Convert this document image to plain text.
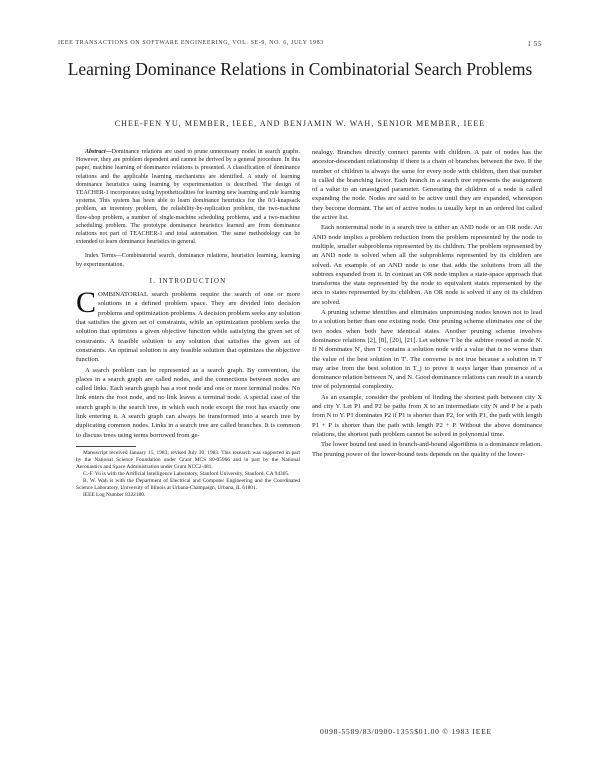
IEEE TRANSACTIONS ON SOFTWARE ENGINEERING, VOL. SE-9, NO. 6, JULY 1983	1 55
Learning Dominance Relations in Combinatorial Search Problems
CHEE-FEN YU, MEMBER, IEEE, AND BENJAMIN W. WAH, SENIOR MEMBER, IEEE

Abstract—Dominance relations are used to prune unnecessary nodes in search graphs. However, they are problem dependent and cannot be derived by a general procedure. In this paper, machine learning of dominance relations is presented. A classification of dominance relations and the applicable learning mechanisms are identified. A study of learning dominance heuristics using learning by experimentation is described. The design of TEACHER-1 incorporates using hypotheticalities for learning new learning and rule learning systems. This system has been able to learn dominance heuristics for the 0/1-knapsack problem, an inventory problem, the reliability-by-replication problem, the two-machine flow-shop problem, a number of single-machine scheduling problems, and a two-machine scheduling problem. The prototype dominance heuristics learned are from dominance relations not part of TEACHER-1 and total automation. The same methodology can be extended to learn dominance heuristics in general.

Index Terms—Combinatorial search, dominance relations, heuristics learning, learning by experimentation.

I. INTRODUCTION

COMBINATORIAL search problems require the search of one or more solutions in a defined problem space. They are divided into decision problems and optimization problems. A decision problem seeks any solution that satisfies the given set of constraints, while an optimization problem seeks the solution that optimizes a given objective function while satisfying the given set of constraints. A feasible solution is any solution that satisfies the given set of constraints. An optimal solution is any feasible solution that optimizes the objective function.

A search problem can be represented as a search graph. By convention, the places in a search graph are called nodes, and the connections between nodes are called links. Each search graph has a root node and one or more terminal nodes. No link enters the root node, and no link leaves a terminal node. A special case of the search graph is the search tree, in which each node except the root has exactly one link entering it. A search graph can always be transformed into a search tree by duplicating common nodes. Links in a search tree are called branches. It is common to discuss trees using terms borrowed from ge-

Manuscript received January 15, 1983; revised July 30, 1983. This research was supported in part by the National Science Foundation under Grant MCS 80-05966 and in part by the National Aeronautics and Space Administration under Grant NCC2-481.

C.-F. Yu is with the Artificial Intelligence Laboratory, Stanford University, Stanford, CA 94305.

B. W. Wah is with the Department of Electrical and Computer Engineering and the Coordinated Science Laboratory, University of Illinois at Urbana-Champaign, Urbana, IL 61801.

IEEE Log Number 8322180.

nealogy. Branches directly connect parents with children. A pair of nodes has the ancestor-descendant relationship if there is a chain of branches between the two. If the number of children is always the same for every node with children, then that number is called the branching factor. Each branch in a search tree represents the assignment of a value to an unassigned parameter. Generating the children of a node is called expanding the node. Nodes are said to be active until they are expanded, whereupon they become dormant. The set of active nodes is usually kept in an ordered list called the active list.

Each nonterminal node in a search tree is either an AND node or an OR node. An AND node implies a problem reduction from the problem represented by the node to multiple, smaller subproblems represented by its children. The problem represented by an AND node is solved when all the subproblems represented by its children are solved. An example of an AND node is one that adds the solutions from all the subtrees expanded from it. In contrast an OR node implies a state-space approach that transforms the state represented by the node to equivalent states represented by the arcs to states represented by its children. An OR node is solved if any of its children are solved.

A pruning scheme identifies and eliminates unpromising nodes known not to lead to a solution better than one existing node. One pruning scheme eliminates one of the two nodes when both have identical states. Another pruning scheme involves dominance relations [2], [8], [20], [21]. Let subtree T be the subtree rooted at node N. If N dominates N', then T contains a solution node with a value that is no worse than the value of the best solution in T'. The converse is not true because a solution in T may arise from the best solution in T_j to prove it ways larger than presence of a dominance relation between N, and N. Good dominance relations can result in a search tree of polynomial complexity.

As an example, consider the problem of finding the shortest path between city X and city Y. Let P1 and P2 be paths from X to an intermediate city N and P be a path from N to Y. P1 dominates P2 if P1 is shorter than P2, for with P1, the path with length P1 + P is shorter than the path with length P2 + P. Without the above dominance relations, the shortest path problem cannot be solved in polynomial time.

The lower bound test used in branch-and-bound algorithms is a dominance relation. The pruning power of the lower-bound tests depends on the quality of the lower-

0098-5589/83/0900-1355$01.00 © 1983 IEEE
